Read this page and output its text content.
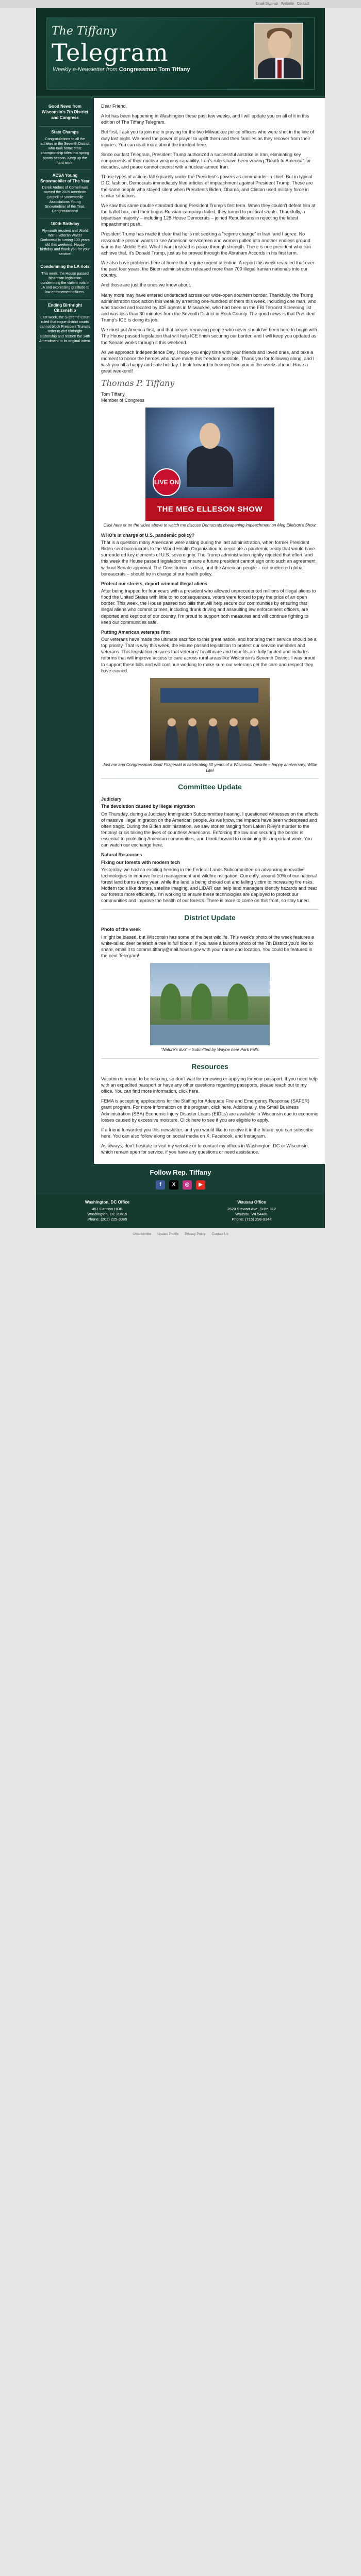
Email Sign-up Website Contact
The Tiffany
Telegram
Weekly e-Newsletter from Congressman Tom Tiffany
Good News from Wisconsin's 7th District and Congress
State Champs

Congratulations to all the athletes in the Seventh District who took home state championship titles this spring sports season. Keep up the hard work!

ACSA Young Snowmobiler of The Year

Derek Andres of Cornell was named the 2025 American Council of Snowmobile Associations Young Snowmobiler of the Year. Congratulations!

100th Birthday

Plymouth resident and World War II veteran Walter Gorkowski is turning 100 years old this weekend. Happy birthday and thank you for your service!

Condemning the LA riots

This week, the House passed bipartisan legislation condemning the violent riots in LA and expressing gratitude to law enforcement officers.

Ending Birthright Citizenship

Last week, the Supreme Court ruled that rogue district courts cannot block President Trump's order to end birthright citizenship and restore the 14th Amendment to its original intent.

Dear Friend,

A lot has been happening in Washington these past few weeks, and I will update you on all of it in this edition of The Tiffany Telegram.

But first, I ask you to join me in praying for the two Milwaukee police officers who were shot in the line of duty last night. We need the power of prayer to uplift them and their families as they recover from their injuries. You can read more about the incident here.

Since our last Telegram, President Trump authorized a successful airstrike in Iran, eliminating key components of their nuclear weapons capability. Iran's rulers have been vowing "Death to America" for decades, and peace cannot coexist with a nuclear-armed Iran.

Those types of actions fall squarely under the President's powers as commander-in-chief. But in typical D.C. fashion, Democrats immediately filed articles of impeachment against President Trump. These are the same people who stayed silent when Presidents Biden, Obama, and Clinton used military force in similar situations.

We saw this same double standard during President Trump's first term. When they couldn't defeat him at the ballot box, and their bogus Russian campaign failed, they turned to political stunts. Thankfully, a bipartisan majority – including 128 House Democrats – joined Republicans in rejecting the latest impeachment push.

President Trump has made it clear that he is not seeking a "regime change" in Iran, and I agree. No reasonable person wants to see American servicemen and women pulled into another endless ground war in the Middle East. What I want instead is peace through strength. There is one president who can achieve that, it's Donald Trump, just as he proved through the Abraham Accords in his first term.

We also have problems here at home that require urgent attention. A report this week revealed that over the past four years, the Biden administration released more than 700 illegal Iranian nationals into our country.

And those are just the ones we know about.

Many more may have entered undetected across our wide-open southern border. Thankfully, the Trump administration took action this week by arresting one-hundred of them this week, including one man, who was tracked and located by ICE agents in Milwaukee, who had been on the FBI Terrorist Screening list and was less than 30 minutes from the Seventh District in Rock County. The good news is that President Trump's ICE is doing its job.

We must put America first, and that means removing people who never should've been here to begin with. The House passed legislation that will help ICE finish securing our border, and I will keep you updated as the Senate works through it this weekend.

As we approach Independence Day, I hope you enjoy time with your friends and loved ones, and take a moment to honor the heroes who have made this freedom possible. Thank you for following along, and I wish you all a happy and safe holiday. I look forward to hearing from you in the weeks ahead. Have a great weekend!

Thomas P. Tiffany
Tom Tiffany
Member of Congress
LIVE ON
THE MEG ELLESON SHOW

Click here or on the video above to watch me discuss Democrats cheapening impeachment on Meg Ellefson's Show.

WHO's in charge of U.S. pandemic policy?

That is a question many Americans were asking during the last administration, when former President Biden sent bureaucrats to the World Health Organization to negotiate a pandemic treaty that would have surrendered key elements of U.S. sovereignty. The Trump administration rightly rejected that effort, and this week the House passed legislation to ensure a future president cannot sign onto such an agreement without Senate approval. The Constitution is clear, and the American people – not unelected global bureaucrats – should be in charge of our health policy.

Protect our streets, deport criminal illegal aliens

After being trapped for four years with a president who allowed unprecedented millions of illegal aliens to flood the United States with little to no consequences, voters were forced to pay the price of an open border. This week, the House passed two bills that will help secure our communities by ensuring that illegal aliens who commit crimes, including drunk driving and assaulting law enforcement officers, are deported and kept out of our country. I'm proud to support both measures and will continue fighting to keep our communities safe.

Putting American veterans first

Our veterans have made the ultimate sacrifice to this great nation, and honoring their service should be a top priority. That is why this week, the House passed legislation to protect our service members and veterans. This legislation ensures that veterans' healthcare and benefits are fully funded and includes reforms that will improve access to care across rural areas like Wisconsin's Seventh District. I was proud to support these bills and will continue working to make sure our veterans get the care and respect they have earned.

Just me and Congressman Scott Fitzgerald in celebrating 50 years of a Wisconsin favorite – happy anniversary, Willie Lite!

Committee Update
Judiciary
The devolution caused by illegal migration

On Thursday, during a Judiciary Immigration Subcommittee hearing, I questioned witnesses on the effects of massive illegal migration on the American people. As we know, the impacts have been widespread and often tragic. During the Biden administration, we saw stories ranging from Laken Riley's murder to the fentanyl crisis taking the lives of countless Americans. Enforcing the law and securing the border is essential to protecting American communities, and I look forward to continuing this important work. You can watch our exchange here.

Natural Resources
Fixing our forests with modern tech

Yesterday, we had an exciting hearing in the Federal Lands Subcommittee on advancing innovative technologies to improve forest management and wildfire mitigation. Currently, around 10% of our national forest land burns every year, while the land is being choked out and falling victim to increasing fire risks. Modern tools like drones, satellite imaging, and LiDAR can help land managers identify hazards and treat our forests more efficiently. I'm working to ensure these technologies are deployed to protect our communities and improve the health of our forests. There is more to come on this front, so stay tuned.

District Update
Photo of the week

I might be biased, but Wisconsin has some of the best wildlife. This week's photo of the week features a white-tailed deer beneath a tree in full bloom. If you have a favorite photo of the 7th District you'd like to share, email it to comms.tiffany@mail.house.gov with your name and location. You could be featured in the next Telegram!

"Nature's duo" – Submitted by Wayne near Park Falls

Resources

Vacation is meant to be relaxing, so don't wait for renewing or applying for your passport. If you need help with an expedited passport or have any other questions regarding passports, please reach out to my office. You can find more information, click here.

FEMA is accepting applications for the Staffing for Adequate Fire and Emergency Response (SAFER) grant program. For more information on the program, click here. Additionally, the Small Business Administration (SBA) Economic Injury Disaster Loans (EIDLs) are available in Wisconsin due to economic losses caused by excessive moisture. Click here to see if you are eligible to apply.

If a friend forwarded you this newsletter, and you would like to receive it in the future, you can subscribe here. You can also follow along on social media on X, Facebook, and Instagram.

As always, don't hesitate to visit my website or to contact my offices in Washington, DC or Wisconsin, which remain open for service, if you have any questions or need assistance.

Follow Rep. Tiffany
f	X	◎	▶
Washington, DC Office
451 Cannon HOB
Washington, DC 20515
Phone: (202) 225-3365
Wausau Office
2620 Stewart Ave, Suite 312
Wausau, WI 54401
Phone: (715) 298-9344
Unsubscribe Update Profile Privacy Policy Contact Us
